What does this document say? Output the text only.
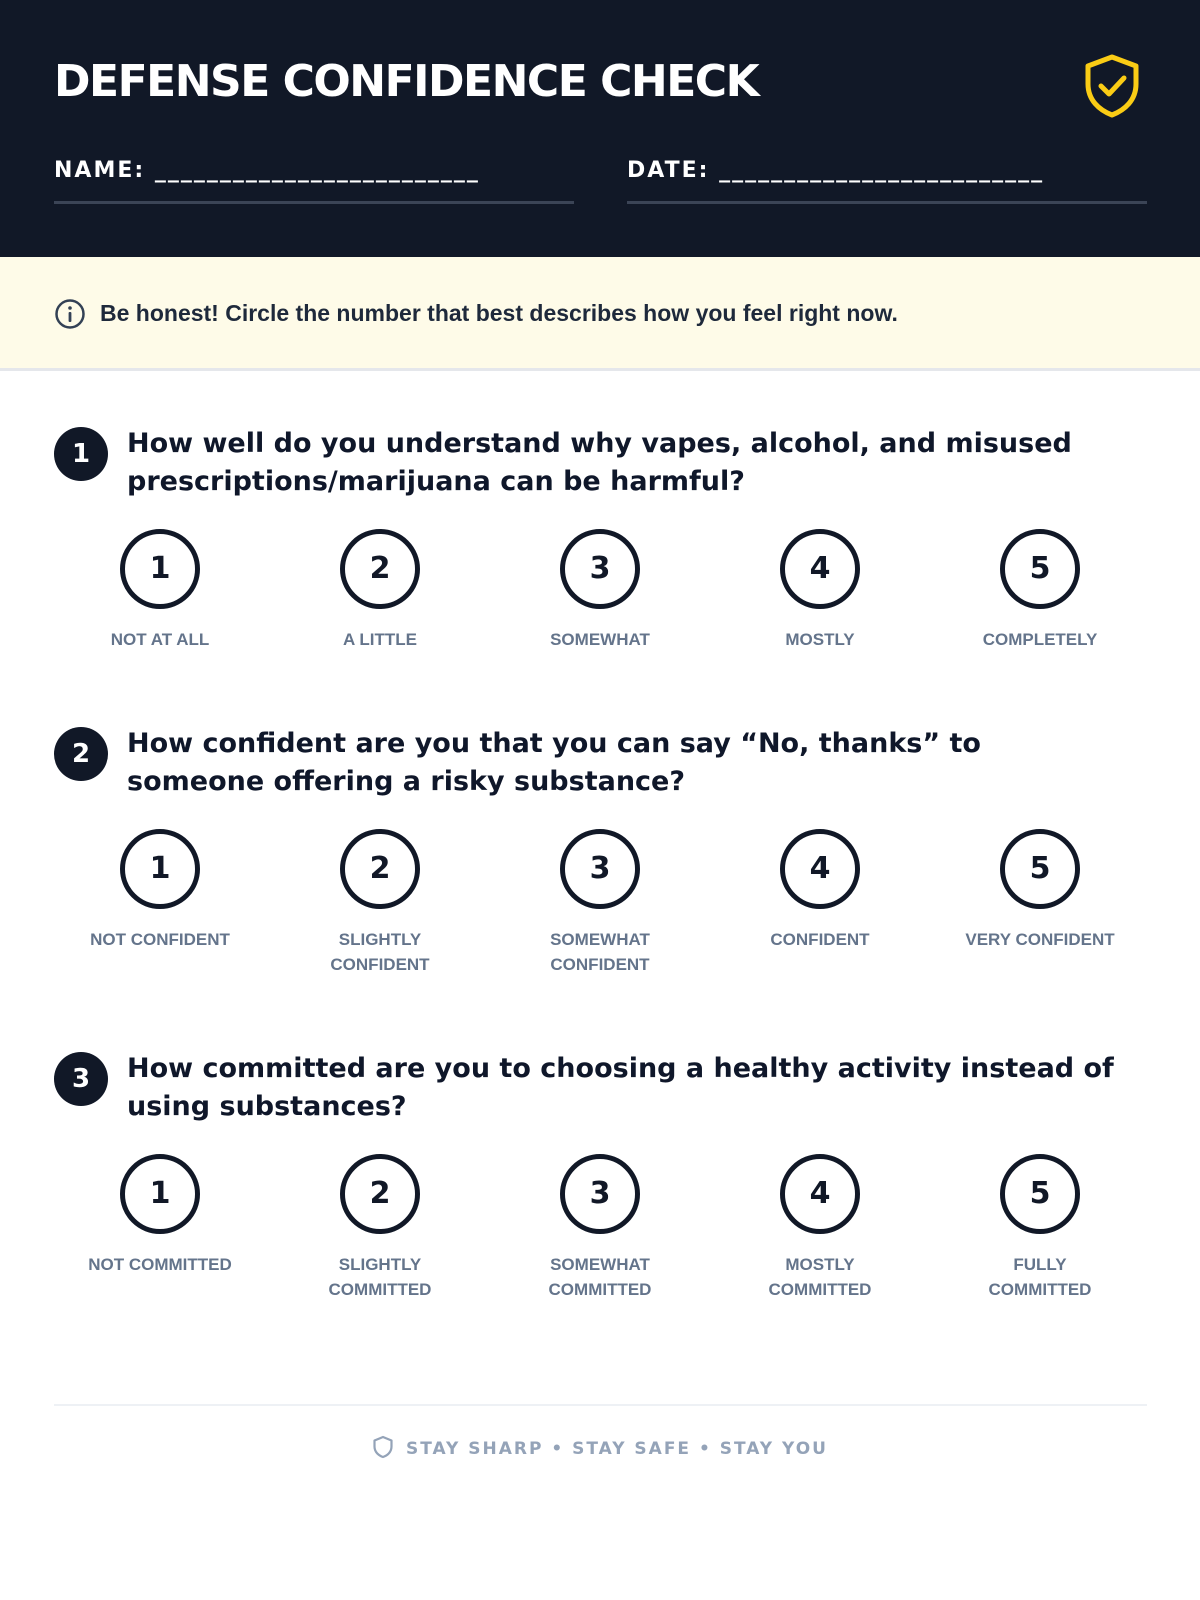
DEFENSE CONFIDENCE CHECK
NAME: _________________________	DATE: _________________________
Be honest! Circle the number that best describes how you feel right now.
1	How well do you understand why vapes, alcohol, and misused prescriptions/marijuana can be harmful?
1
NOT AT ALL
2
A LITTLE
3
SOMEWHAT
4
MOSTLY
5
COMPLETELY
2	How confident are you that you can say “No, thanks” to someone offering a risky substance?
1
NOT CONFIDENT
2
SLIGHTLY CONFIDENT
3
SOMEWHAT CONFIDENT
4
CONFIDENT
5
VERY CONFIDENT
3	How committed are you to choosing a healthy activity instead of using substances?
1
NOT COMMITTED
2
SLIGHTLY COMMITTED
3
SOMEWHAT COMMITTED
4
MOSTLY COMMITTED
5
FULLY COMMITTED
STAY SHARP • STAY SAFE • STAY YOU
